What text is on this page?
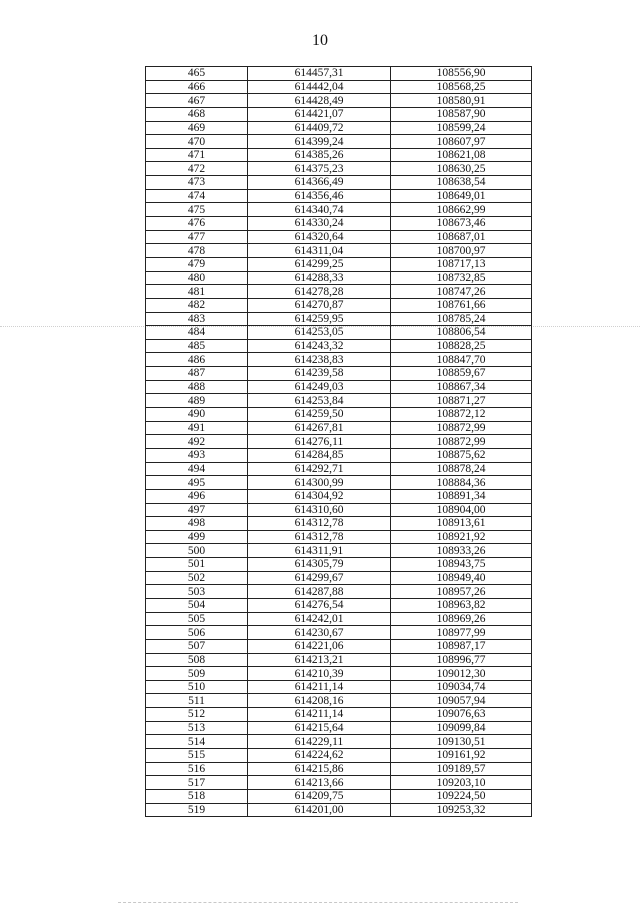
10
465	614457,31	108556,90
466	614442,04	108568,25
467	614428,49	108580,91
468	614421,07	108587,90
469	614409,72	108599,24
470	614399,24	108607,97
471	614385,26	108621,08
472	614375,23	108630,25
473	614366,49	108638,54
474	614356,46	108649,01
475	614340,74	108662,99
476	614330,24	108673,46
477	614320,64	108687,01
478	614311,04	108700,97
479	614299,25	108717,13
480	614288,33	108732,85
481	614278,28	108747,26
482	614270,87	108761,66
483	614259,95	108785,24
484	614253,05	108806,54
485	614243,32	108828,25
486	614238,83	108847,70
487	614239,58	108859,67
488	614249,03	108867,34
489	614253,84	108871,27
490	614259,50	108872,12
491	614267,81	108872,99
492	614276,11	108872,99
493	614284,85	108875,62
494	614292,71	108878,24
495	614300,99	108884,36
496	614304,92	108891,34
497	614310,60	108904,00
498	614312,78	108913,61
499	614312,78	108921,92
500	614311,91	108933,26
501	614305,79	108943,75
502	614299,67	108949,40
503	614287,88	108957,26
504	614276,54	108963,82
505	614242,01	108969,26
506	614230,67	108977,99
507	614221,06	108987,17
508	614213,21	108996,77
509	614210,39	109012,30
510	614211,14	109034,74
511	614208,16	109057,94
512	614211,14	109076,63
513	614215,64	109099,84
514	614229,11	109130,51
515	614224,62	109161,92
516	614215,86	109189,57
517	614213,66	109203,10
518	614209,75	109224,50
519	614201,00	109253,32
